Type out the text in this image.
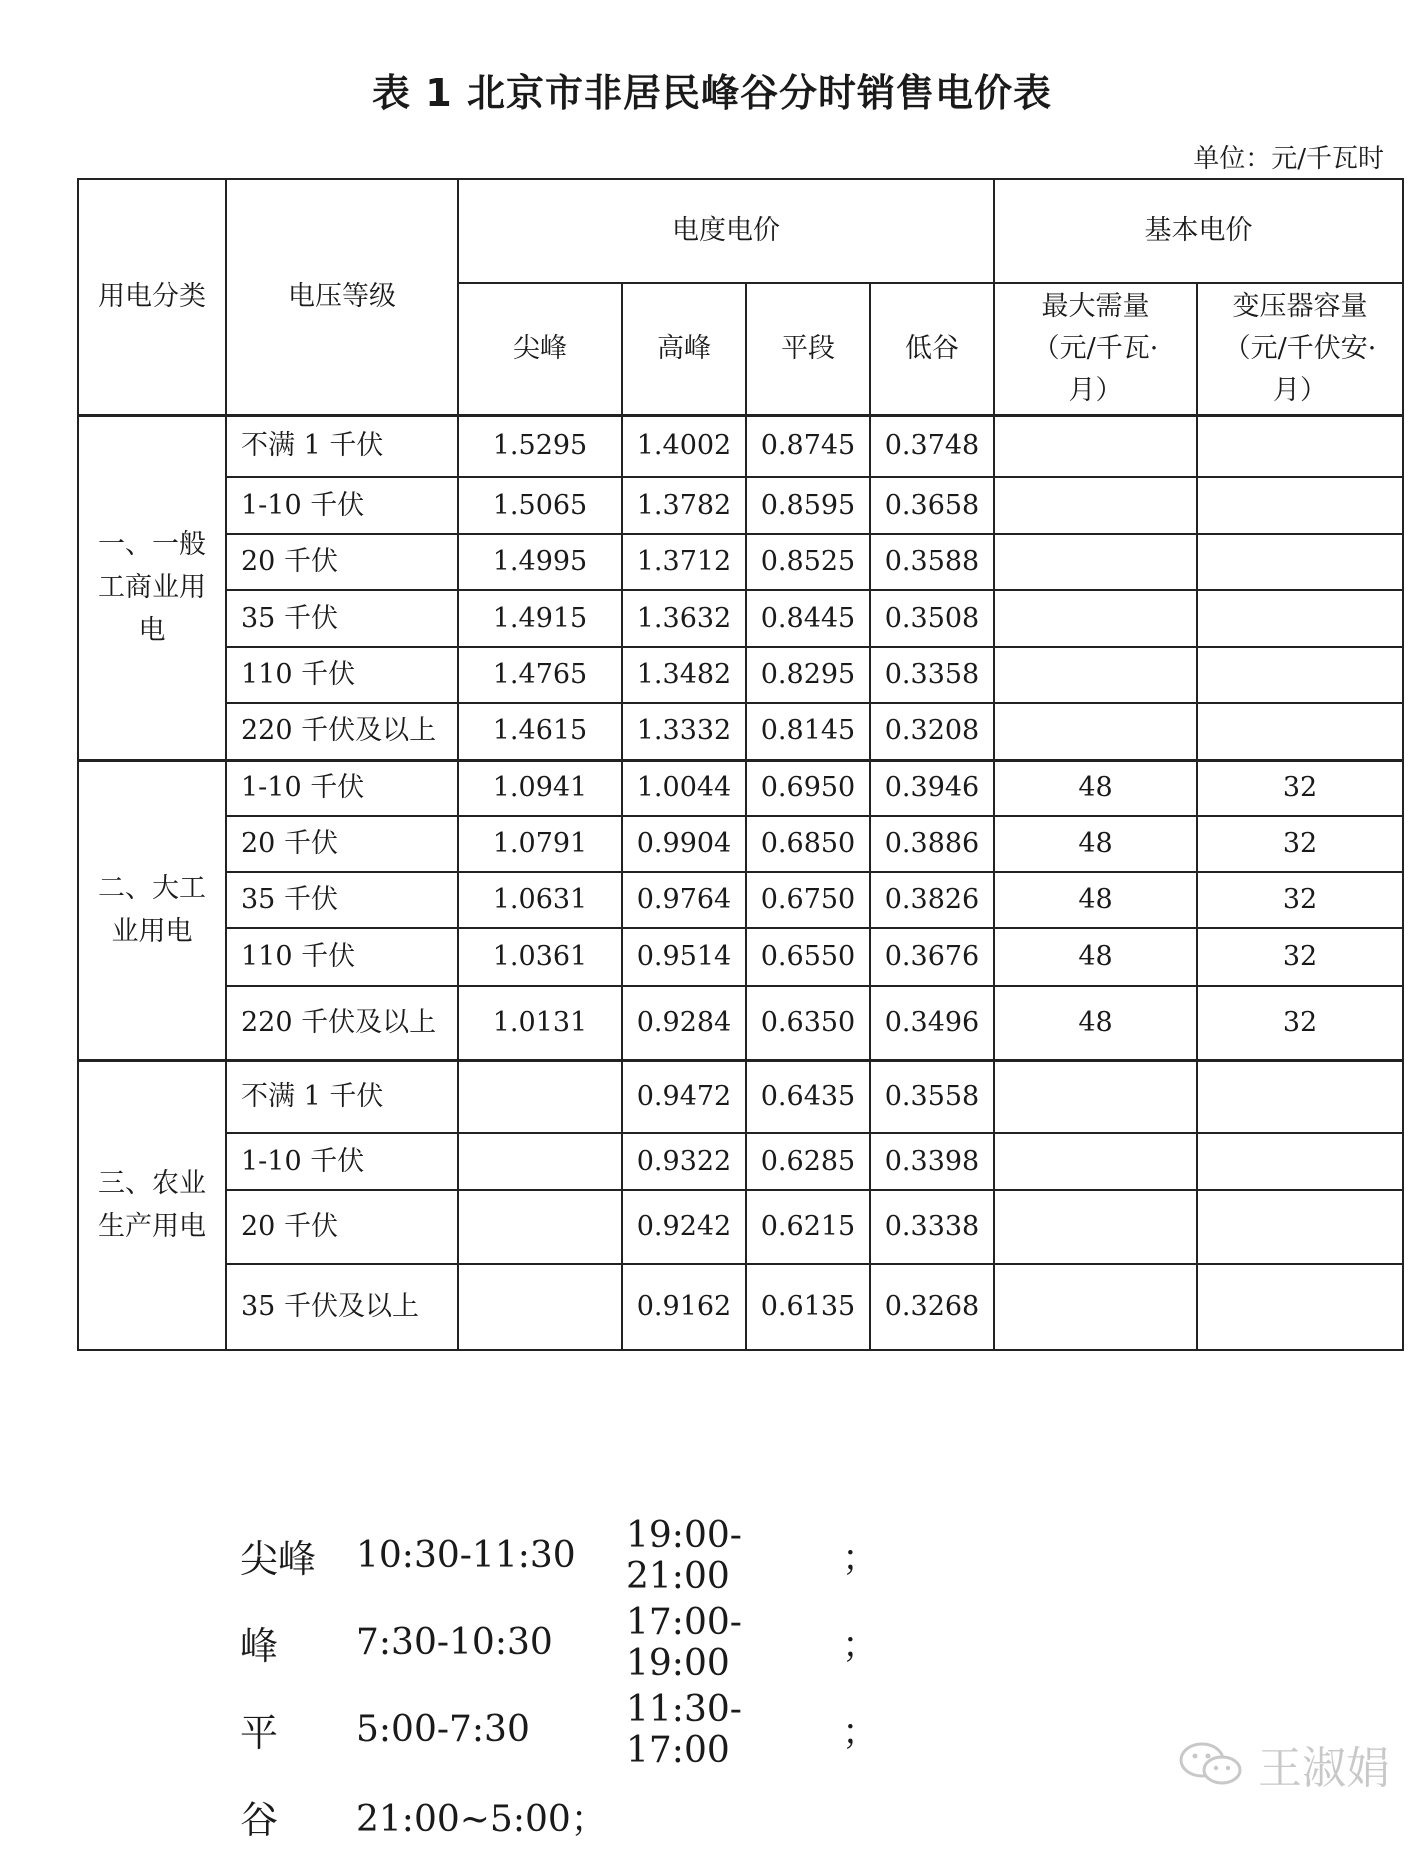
表 1 北京市非居民峰谷分时销售电价表
单位：元/千瓦时
用电分类	电压等级	电度电价				基本电价	
		尖峰	高峰	平段	低谷	最大需量（元/千瓦·月）	变压器容量（元/千伏安·月）
一、一般工商业用电	不满 1 千伏	1.5295	1.4002	0.8745	0.3748		
	1-10 千伏	1.5065	1.3782	0.8595	0.3658		
	20 千伏	1.4995	1.3712	0.8525	0.3588		
	35 千伏	1.4915	1.3632	0.8445	0.3508		
	110 千伏	1.4765	1.3482	0.8295	0.3358		
	220 千伏及以上	1.4615	1.3332	0.8145	0.3208		
二、大工业用电	1-10 千伏	1.0941	1.0044	0.6950	0.3946	48	32
	20 千伏	1.0791	0.9904	0.6850	0.3886	48	32
	35 千伏	1.0631	0.9764	0.6750	0.3826	48	32
	110 千伏	1.0361	0.9514	0.6550	0.3676	48	32
	220 千伏及以上	1.0131	0.9284	0.6350	0.3496	48	32
三、农业生产用电	不满 1 千伏		0.9472	0.6435	0.3558		
	1-10 千伏		0.9322	0.6285	0.3398		
	20 千伏		0.9242	0.6215	0.3338		
	35 千伏及以上		0.9162	0.6135	0.3268		
尖峰	10:30-11:30	19:00-21:00	；
峰	7:30-10:30	17:00-19:00	；
平	5:00-7:30	11:30-17:00	；
谷	21:00~5:00；
王淑娟
